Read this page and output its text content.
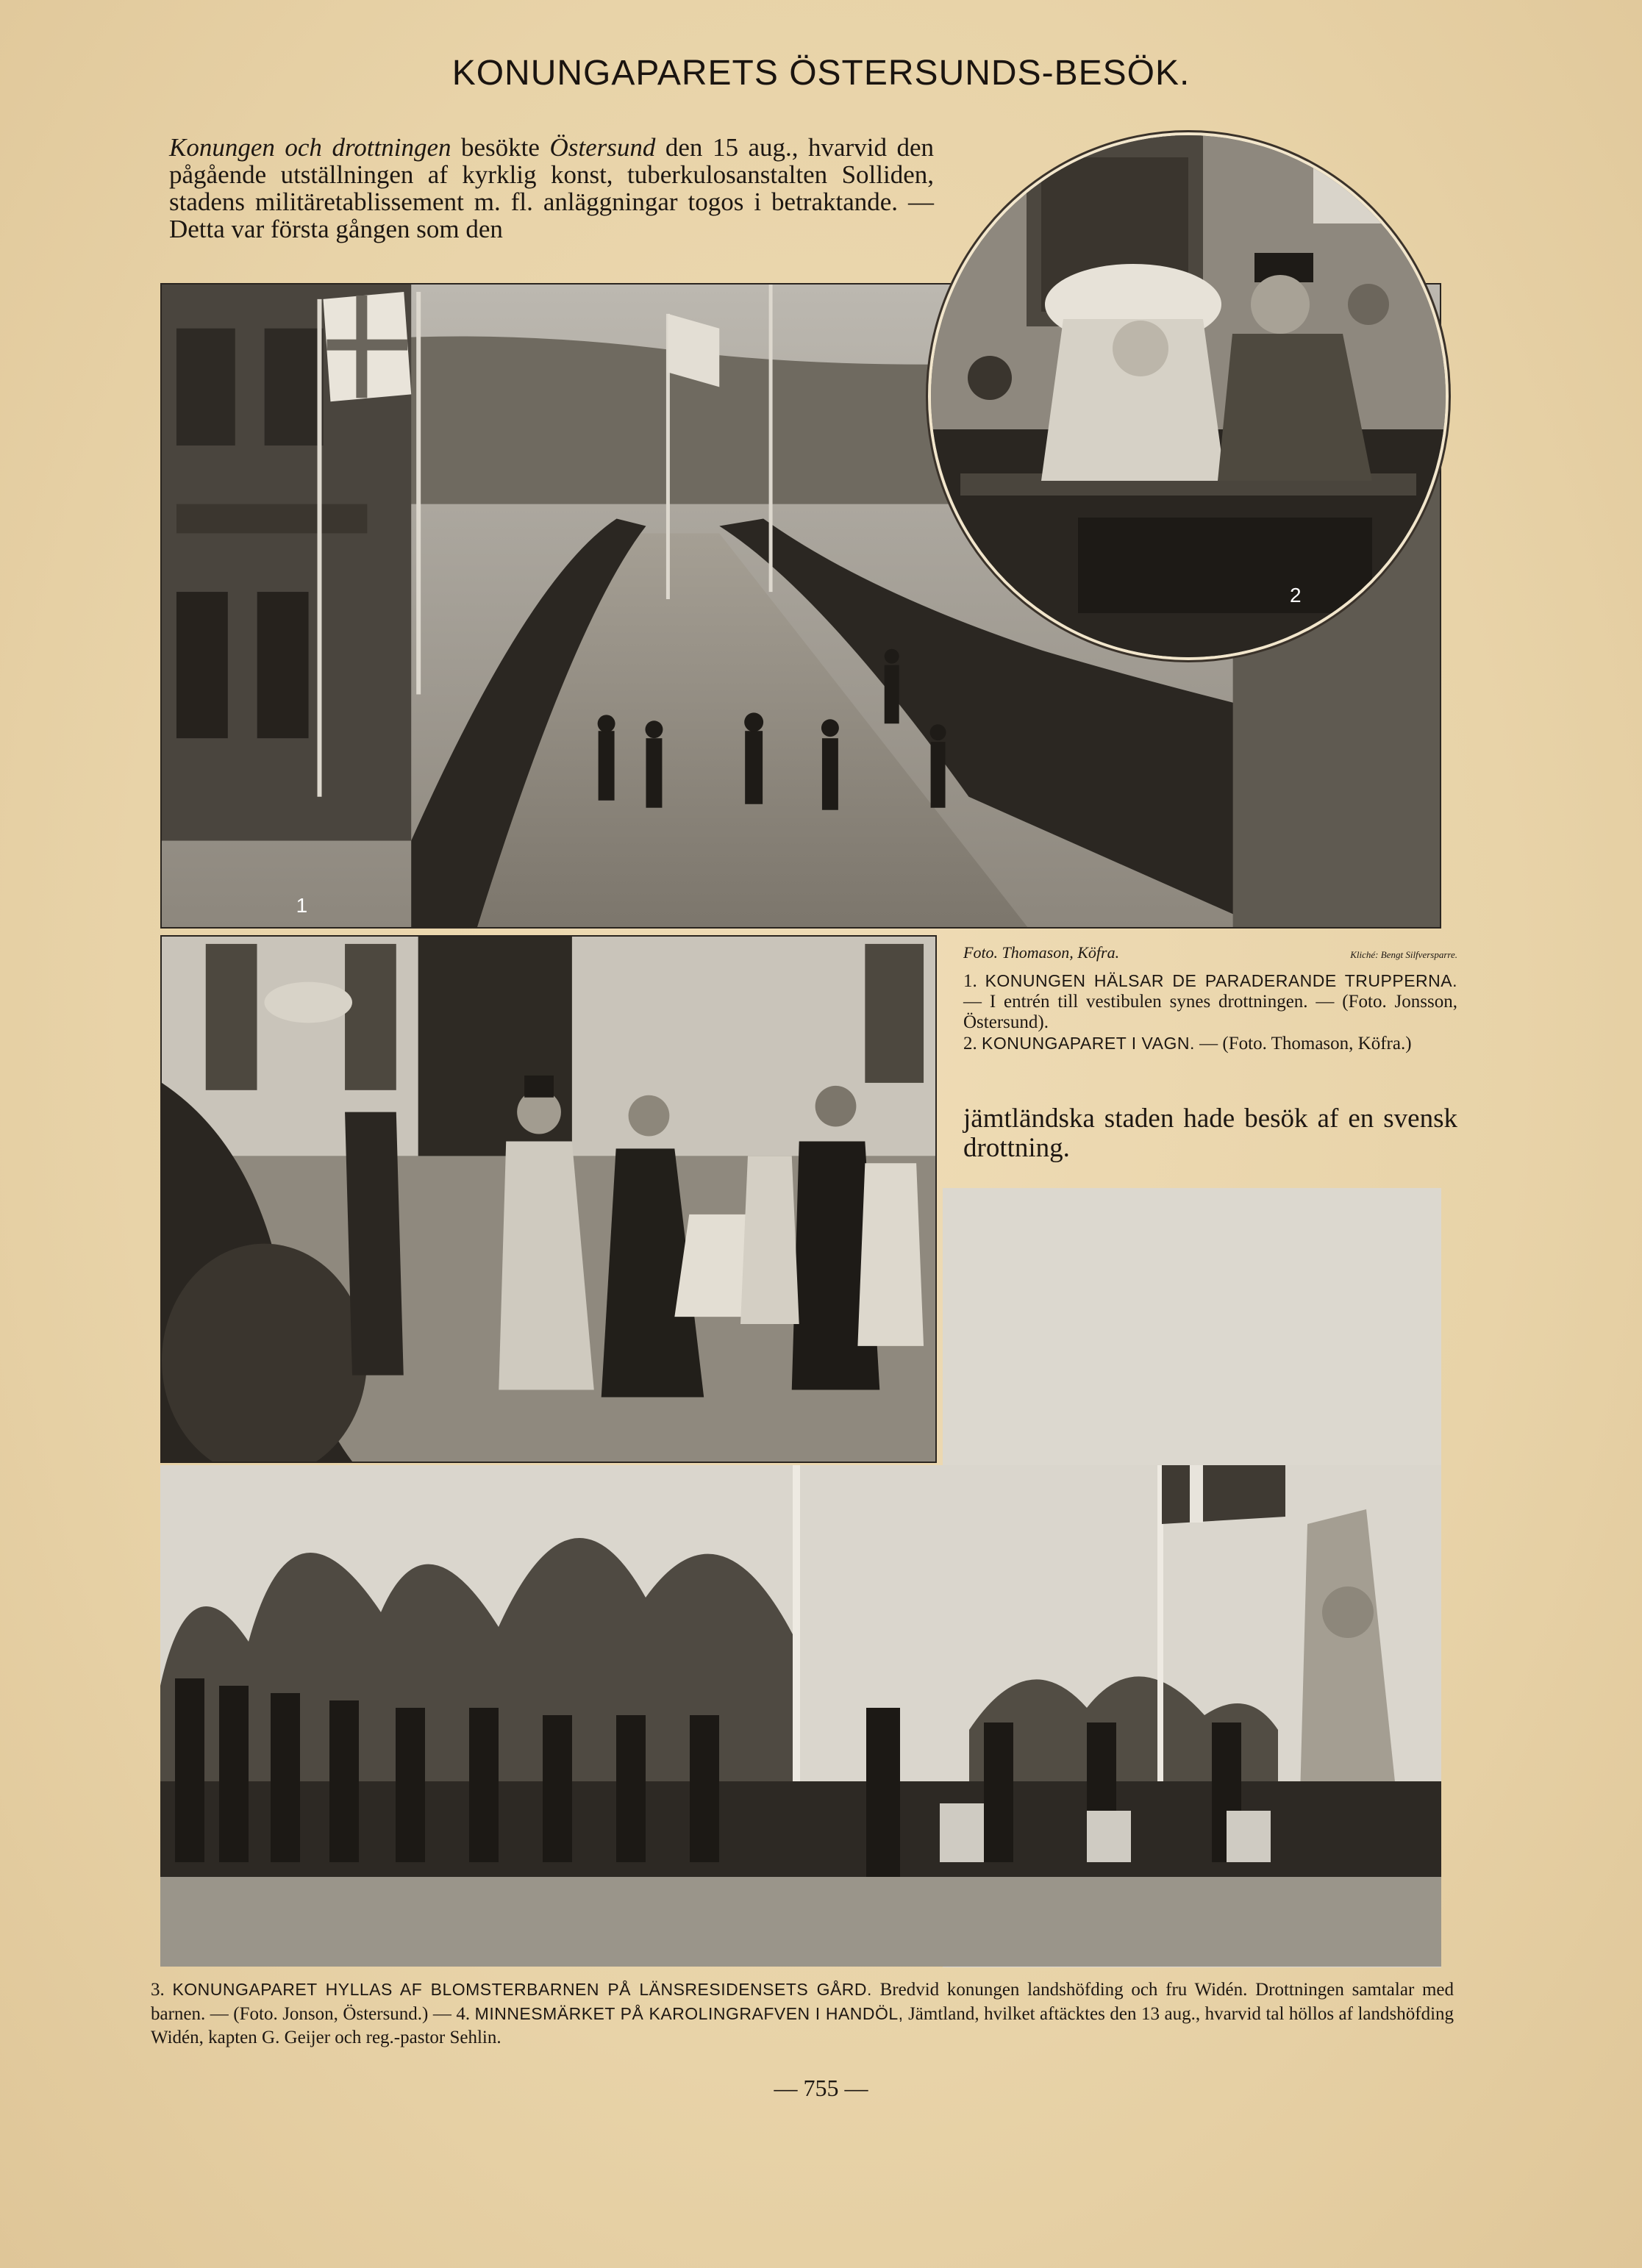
KONUNGAPARETS ÖSTERSUNDS-BESÖK.
Konungen och drottningen besökte Östersund den 15 aug., hvarvid den pågående utställningen af kyrklig konst, tuberkulosanstalten Solliden, stadens militäretablissement m. fl. anläggningar togos i betraktande. — Detta var första gången som den
1
2
Foto. Thomason, Köfra.	Kliché: Bengt Silfversparre.
1. KONUNGEN HÄLSAR DE PARADERANDE TRUPPERNA. — I entrén till vestibulen synes drottningen. — (Foto. Jonsson, Östersund).
2. KONUNGAPARET I VAGN. — (Foto. Thomason, Köfra.)
jämtländska staden hade besök af en svensk drottning.
3. KONUNGAPARET HYLLAS AF BLOMSTERBARNEN PÅ LÄNSRESIDENSETS GÅRD. Bredvid konungen landshöfding och fru Widén. Drottningen samtalar med barnen. — (Foto. Jonson, Östersund.) — 4. MINNESMÄRKET PÅ KAROLINGRAFVEN I HANDÖL, Jämtland, hvilket aftäcktes den 13 aug., hvarvid tal höllos af landshöfding Widén, kapten G. Geijer och reg.-pastor Sehlin.
— 755 —
